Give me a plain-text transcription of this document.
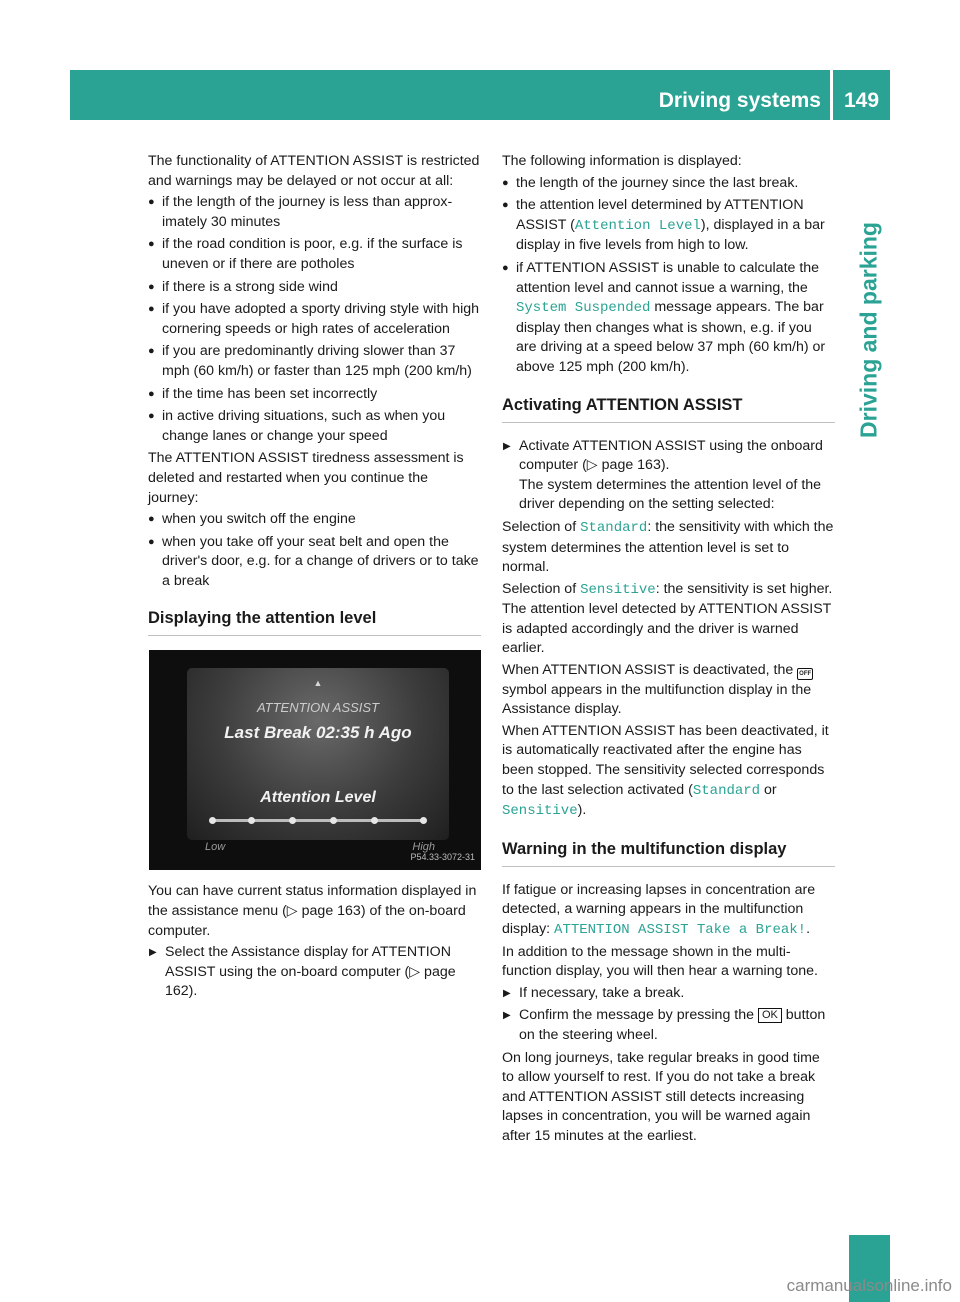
Driving systems 149
Driving and parking

The functionality of ATTENTION ASSIST is restricted and warnings may be delayed or not occur at all:

● if the length of the journey is less than approximately 30 minutes
● if the road condition is poor, e.g. if the surface is uneven or if there are potholes
● if there is a strong side wind
● if you have adopted a sporty driving style with high cornering speeds or high rates of acceleration
● if you are predominantly driving slower than 37 mph (60 km/h) or faster than 125 mph (200 km/h)
● if the time has been set incorrectly
● in active driving situations, such as when you change lanes or change your speed

The ATTENTION ASSIST tiredness assessment is deleted and restarted when you continue the journey:

● when you switch off the engine
● when you take off your seat belt and open the driver's door, e.g. for a change of drivers or to take a break
Displaying the attention level
▲
ATTENTION ASSIST
Last Break 02:35 h Ago
Attention Level
Low	High
P54.33-3072-31

You can have current status information displayed in the assistance menu (▷ page 163) of the on-board computer.

▶ Select the Assistance display for ATTENTION ASSIST using the on-board computer (▷ page 162).

The following information is displayed:

● the length of the journey since the last break.
● the attention level determined by ATTENTION ASSIST (Attention Level), displayed in a bar display in five levels from high to low.
● if ATTENTION ASSIST is unable to calculate the attention level and cannot issue a warning, the System Suspended message appears. The bar display then changes what is shown, e.g. if you are driving at a speed below 37 mph (60 km/h) or above 125 mph (200 km/h).
Activating ATTENTION ASSIST
▶ Activate ATTENTION ASSIST using the onboard computer (▷ page 163).
The system determines the attention level of the driver depending on the setting selected:

Selection of Standard: the sensitivity with which the system determines the attention level is set to normal.

Selection of Sensitive: the sensitivity is set higher. The attention level detected by ATTENTION ASSIST is adapted accordingly and the driver is warned earlier.

When ATTENTION ASSIST is deactivated, the OFF symbol appears in the multifunction display in the Assistance display.

When ATTENTION ASSIST has been deactivated, it is automatically reactivated after the engine has been stopped. The sensitivity selected corresponds to the last selection activated (Standard or Sensitive).

Warning in the multifunction display

If fatigue or increasing lapses in concentration are detected, a warning appears in the multifunction display: ATTENTION ASSIST Take a Break!.

In addition to the message shown in the multifunction display, you will then hear a warning tone.

▶ If necessary, take a break.
▶ Confirm the message by pressing the OK button on the steering wheel.

On long journeys, take regular breaks in good time to allow yourself to rest. If you do not take a break and ATTENTION ASSIST still detects increasing lapses in concentration, you will be warned again after 15 minutes at the earliest.

carmanualsonline.info
